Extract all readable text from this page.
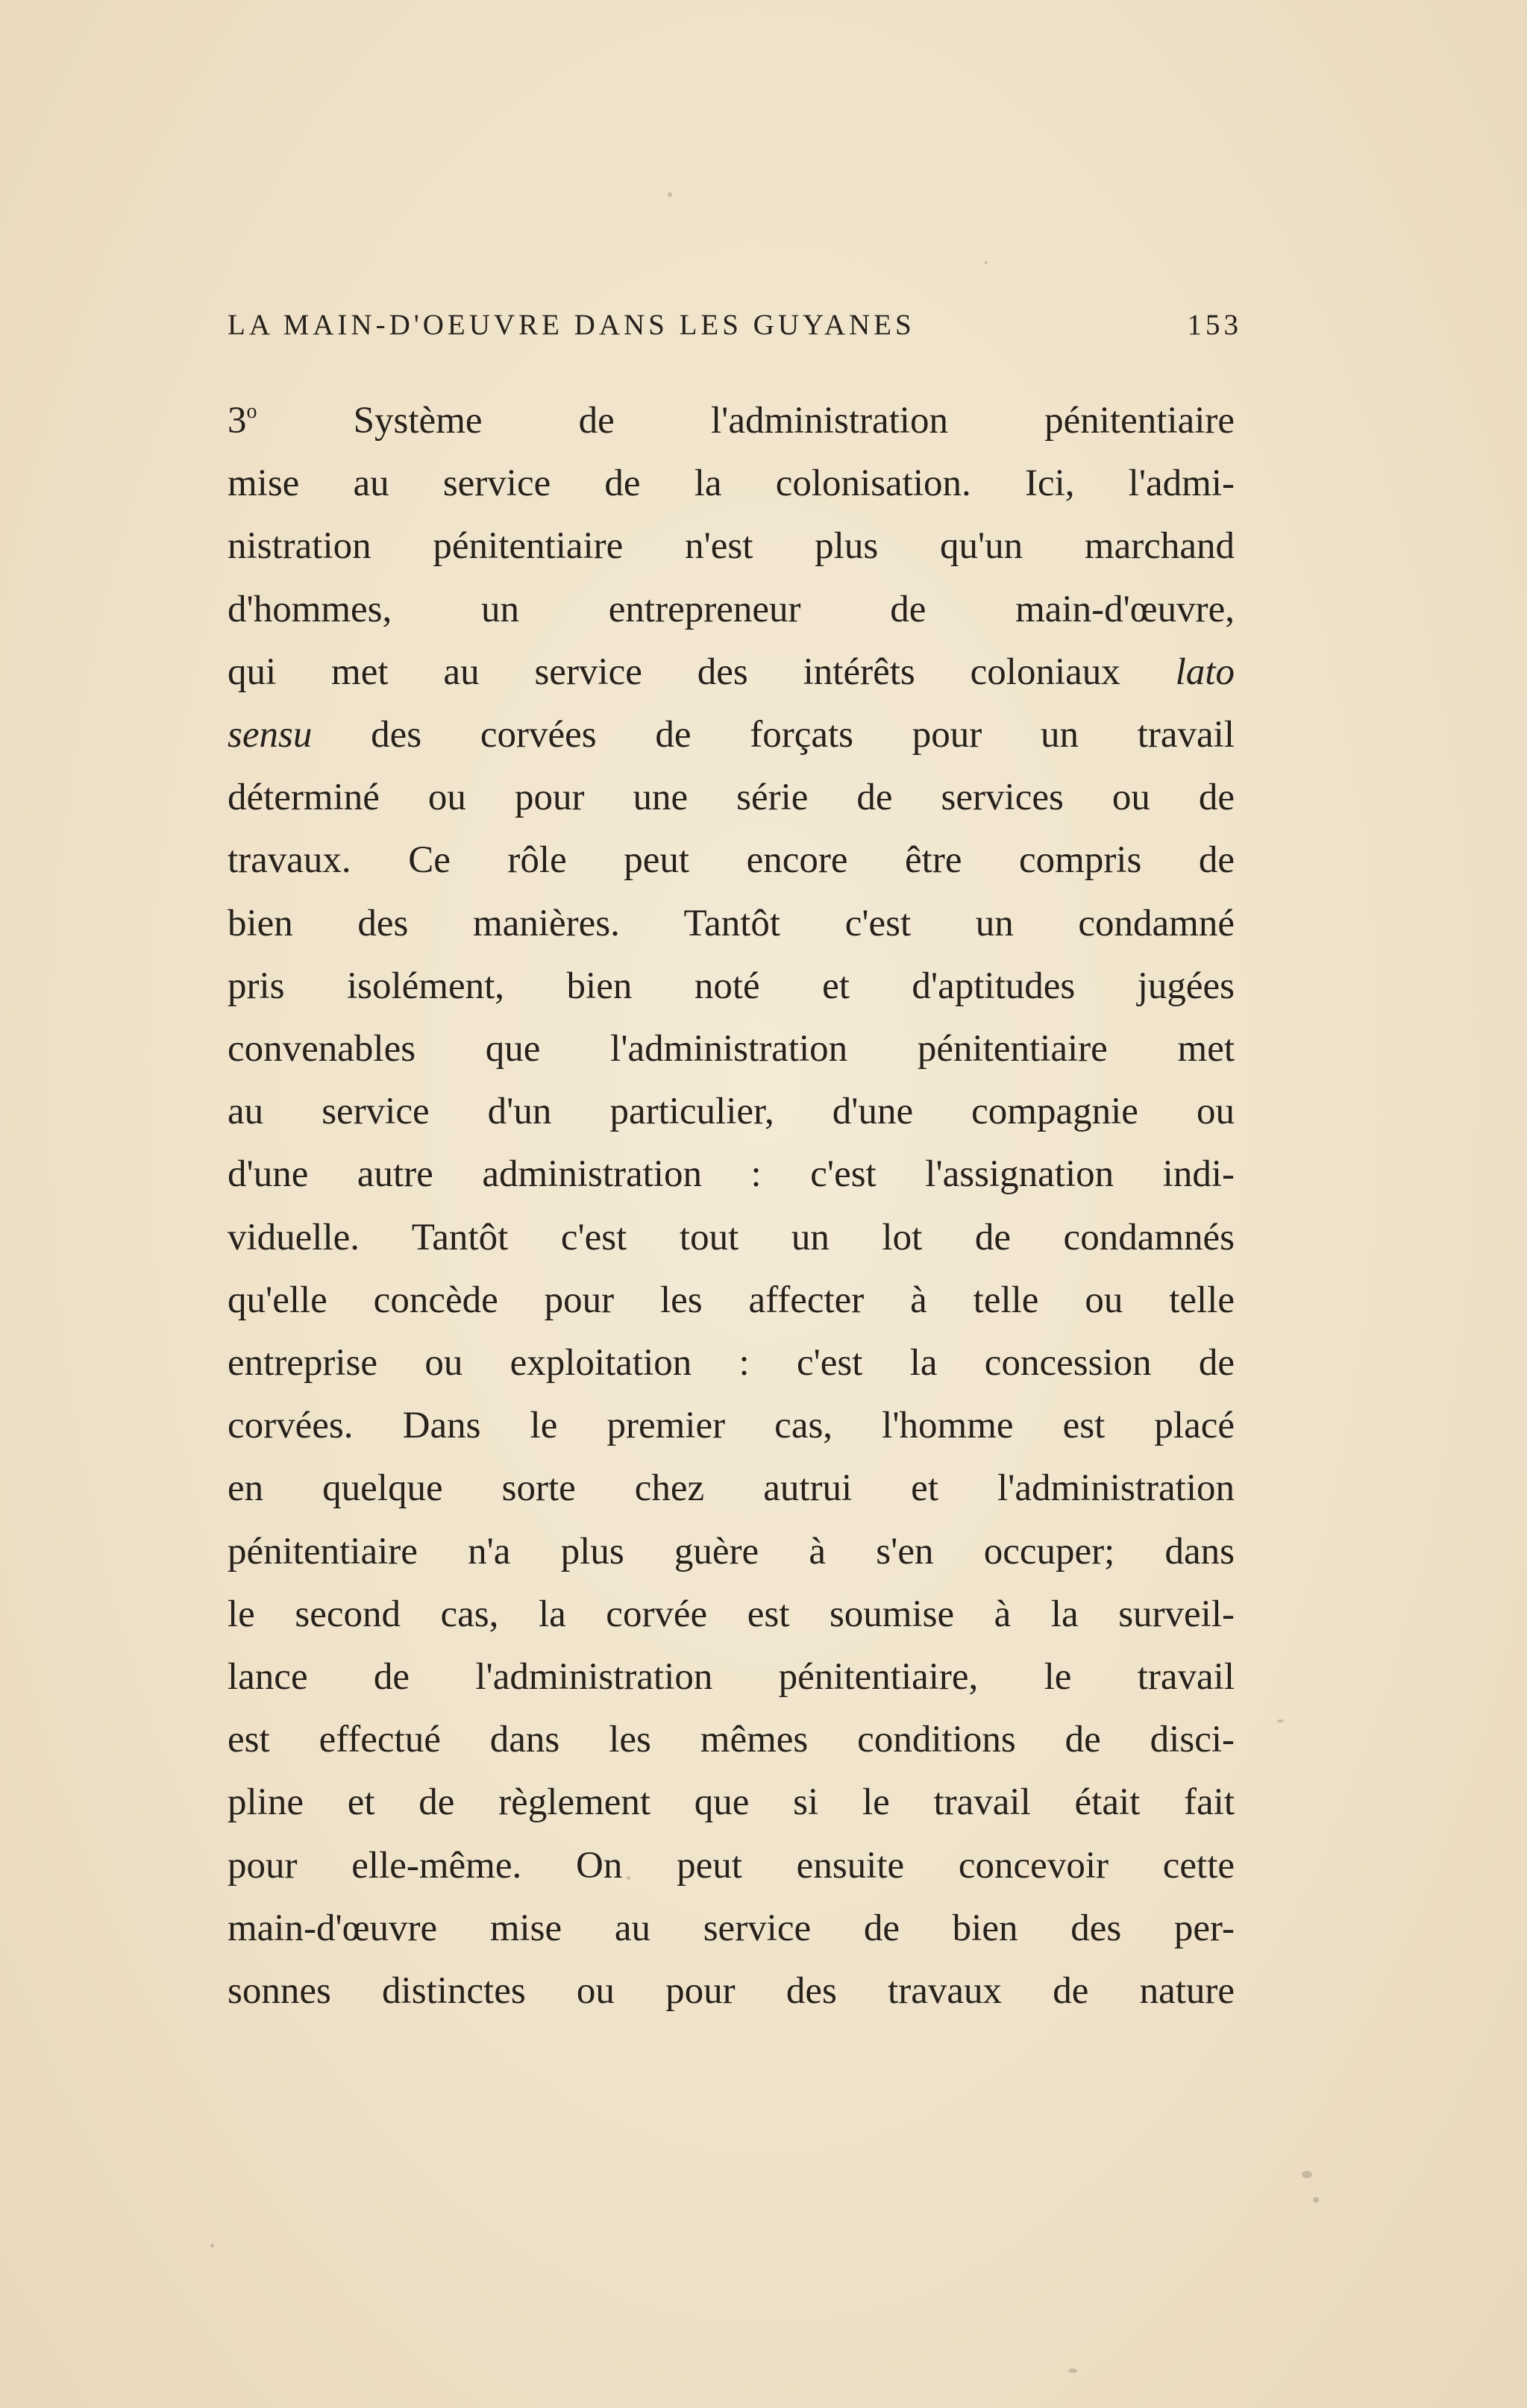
LA MAIN-D'OEUVRE DANS LES GUYANES	153
3$^o$	Système de l'administration pénitentiaire
mise au service de la colonisation. Ici, l'admi-
nistration pénitentiaire n'est plus qu'un marchand
d'hommes, un entrepreneur de main-d'œuvre,
qui met au service des intérêts coloniaux lato
sensu des corvées de forçats pour un travail
déterminé ou pour une série de services ou de
travaux. Ce rôle peut encore être compris de
bien des manières. Tantôt c'est un condamné
pris isolément, bien noté et d'aptitudes jugées
convenables que l'administration pénitentiaire met
au service d'un particulier, d'une compagnie ou
d'une autre administration : c'est l'assignation indi-
viduelle. Tantôt c'est tout un lot de condamnés
qu'elle concède pour les affecter à telle ou telle
entreprise ou exploitation : c'est la concession de
corvées. Dans le premier cas, l'homme est placé
en quelque sorte chez autrui et l'administration
pénitentiaire n'a plus guère à s'en occuper; dans
le second cas, la corvée est soumise à la surveil-
lance de l'administration pénitentiaire, le travail
est effectué dans les mêmes conditions de disci-
pline et de règlement que si le travail était fait
pour elle-même. On peut ensuite concevoir cette
main-d'œuvre mise au service de bien des per-
sonnes distinctes ou pour des travaux de nature
